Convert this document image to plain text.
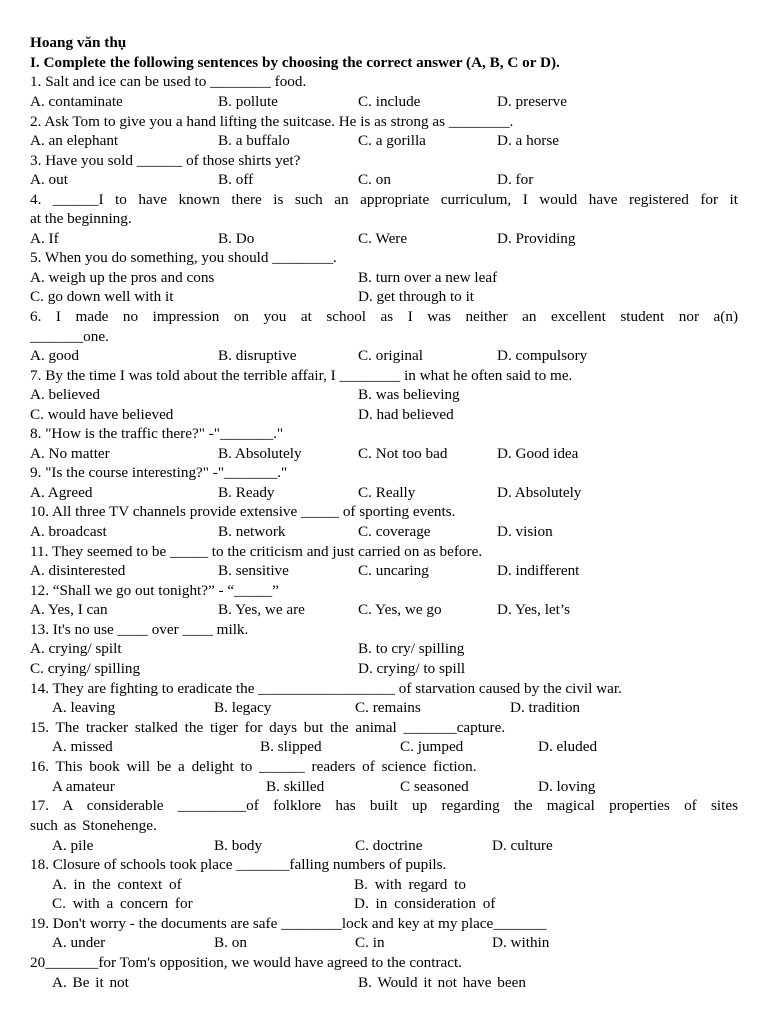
Hoang văn thụ
I. Complete the following sentences by choosing the correct answer (A, B, C or D).
1. Salt and ice can be used to ________ food.
A. contaminate	B. pollute	C. include	D. preserve
2. Ask Tom to give you a hand lifting the suitcase. He is as strong as ________.
A. an elephant	B. a buffalo	C. a gorilla	D. a horse
3. Have you sold ______ of those shirts yet?
A. out	B. off	C. on	D. for
4. ______I to have known there is such an appropriate curriculum, I would have registered for it
at the beginning.
A. If	B. Do	C. Were	D. Providing
5. When you do something, you should ________.
A. weigh up the pros and cons	B. turn over a new leaf
C. go down well with it	D. get through to it
6. I made no impression on you at school as I was neither an excellent student nor a(n)
_______one.
A. good	B. disruptive	C. original	D. compulsory
7. By the time I was told about the terrible affair, I ________ in what he often said to me.
A. believed	B. was believing
C. would have believed	D. had believed
8. "How is the traffic there?" -"_______."
A. No matter	B. Absolutely	C. Not too bad	D. Good idea
9. "Is the course interesting?" -"_______."
A. Agreed	B. Ready	C. Really	D. Absolutely
10. All three TV channels provide extensive _____ of sporting events.
A. broadcast	B. network	C. coverage	D. vision
11. They seemed to be _____ to the criticism and just carried on as before.
A. disinterested	B. sensitive	C. uncaring	D. indifferent
12. “Shall we go out tonight?” - “_____”
A. Yes, I can	B. Yes, we are	C. Yes, we go	D. Yes, let’s
13. It's no use ____ over ____ milk.
A. crying/ spilt	B. to cry/ spilling
C. crying/ spilling	D. crying/ to spill
14. They are fighting to eradicate the __________________ of starvation caused by the civil war.
A. leaving	B. legacy	C. remains	D. tradition
15. The tracker stalked the tiger for days but the animal _______capture.
A. missed	B. slipped	C. jumped	D. eluded
16. This book will be a delight to ______ readers of science fiction.
A amateur	B. skilled	C seasoned	D. loving
17. A considerable _________of folklore has built up regarding the magical properties of sites
such as Stonehenge.
A. pile	B. body	C. doctrine	D. culture
18. Closure of schools took place _______falling numbers of pupils.
A. in the context of	B. with regard to
C. with a concern for	D. in consideration of
19. Don't worry - the documents are safe ________lock and key at my place_______
A. under	B. on	C. in	D. within
20_______for Tom's opposition, we would have agreed to the contract.
A. Be it not	B. Would it not have been
